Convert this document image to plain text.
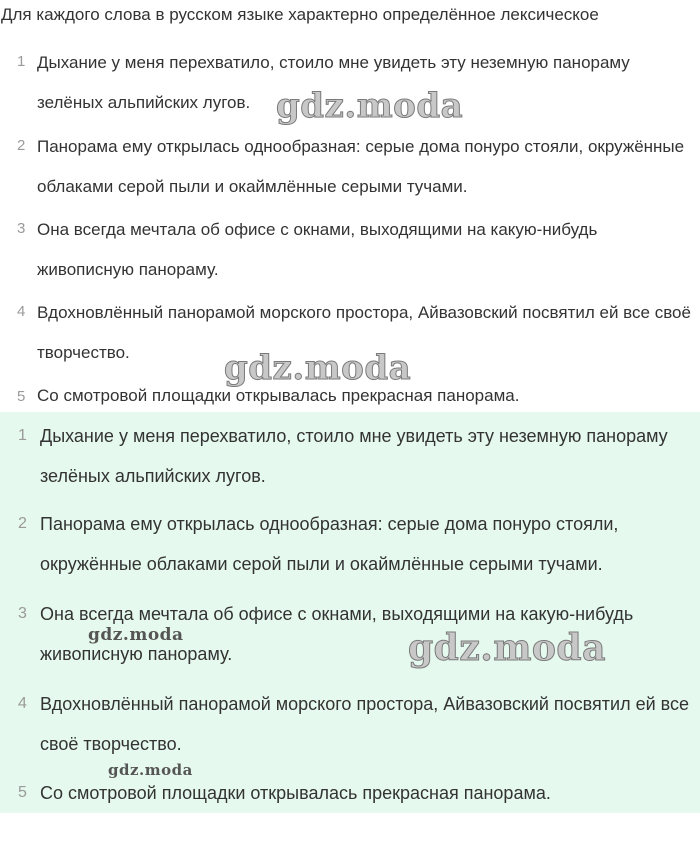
Для каждого слова в русском языке характерно определённое лексическое

1 Дыхание у меня перехватило, стоило мне увидеть эту неземную панораму зелёных альпийских лугов.
2 Панорама ему открылась однообразная: серые дома понуро стояли, окружённые облаками серой пыли и окаймлённые серыми тучами.
3 Она всегда мечтала об офисе с окнами, выходящими на какую-нибудь живописную панораму.
4 Вдохновлённый панорамой морского простора, Айвазовский посвятил ей все своё творчество.
5 Со смотровой площадки открывалась прекрасная панорама.
1 Дыхание у меня перехватило, стоило мне увидеть эту неземную панораму зелёных альпийских лугов.
2 Панорама ему открылась однообразная: серые дома понуро стояли, окружённые облаками серой пыли и окаймлённые серыми тучами.
3 Она всегда мечтала об офисе с окнами, выходящими на какую-нибудь живописную панораму.
4 Вдохновлённый панорамой морского простора, Айвазовский посвятил ей все своё творчество.
5 Со смотровой площадки открывалась прекрасная панорама.
gdz.moda
gdz.moda
gdz.moda
gdz.moda
gdz.moda
